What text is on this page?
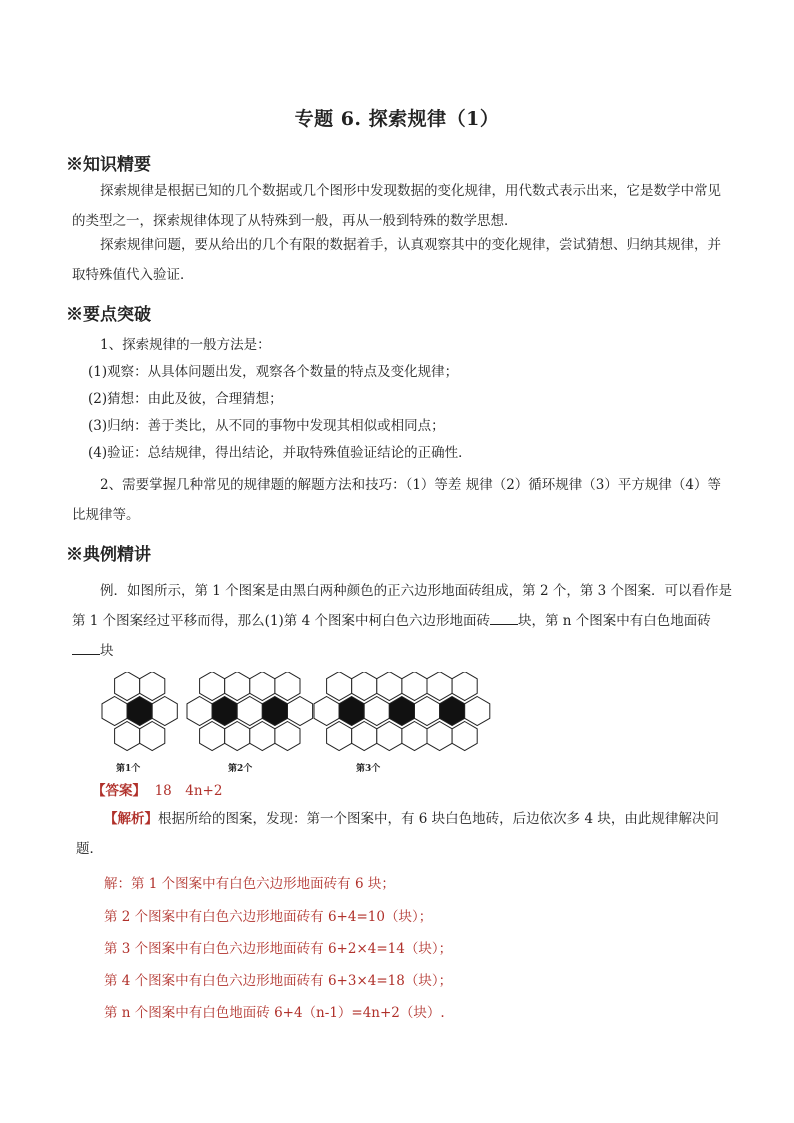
专题 6. 探索规律（1）
※知识精要
探索规律是根据已知的几个数据或几个图形中发现数据的变化规律，用代数式表示出来，它是数学中常见的类型之一，探索规律体现了从特殊到一般，再从一般到特殊的数学思想．
探索规律问题，要从给出的几个有限的数据着手，认真观察其中的变化规律，尝试猜想、归纳其规律，并取特殊值代入验证．
※要点突破
1、探索规律的一般方法是：
(1)观察：从具体问题出发，观察各个数量的特点及变化规律；
(2)猜想：由此及彼，合理猜想；
(3)归纳：善于类比，从不同的事物中发现其相似或相同点；
(4)验证：总结规律，得出结论，并取特殊值验证结论的正确性．
2、需要掌握几种常见的规律题的解题方法和技巧：（1）等差 规律（2）循环规律（3）平方规律（4）等比规律等。
※典例精讲
例．如图所示，第 1 个图案是由黑白两种颜色的正六边形地面砖组成，第 2 个，第 3 个图案．可以看作是第 1 个图案经过平移而得，那么(1)第 4 个图案中柯白色六边形地面砖 块，第 n 个图案中有白色地面砖块
第1个	第2个	第3个
【答案】 18　4n+2
【解析】根据所给的图案，发现：第一个图案中，有 6 块白色地砖，后边依次多 4 块，由此规律解决问题．
解：第 1 个图案中有白色六边形地面砖有 6 块；
第 2 个图案中有白色六边形地面砖有 6+4=10（块）；
第 3 个图案中有白色六边形地面砖有 6+2×4=14（块）；
第 4 个图案中有白色六边形地面砖有 6+3×4=18（块）；
第 n 个图案中有白色地面砖 6+4（n-1）=4n+2（块）.
